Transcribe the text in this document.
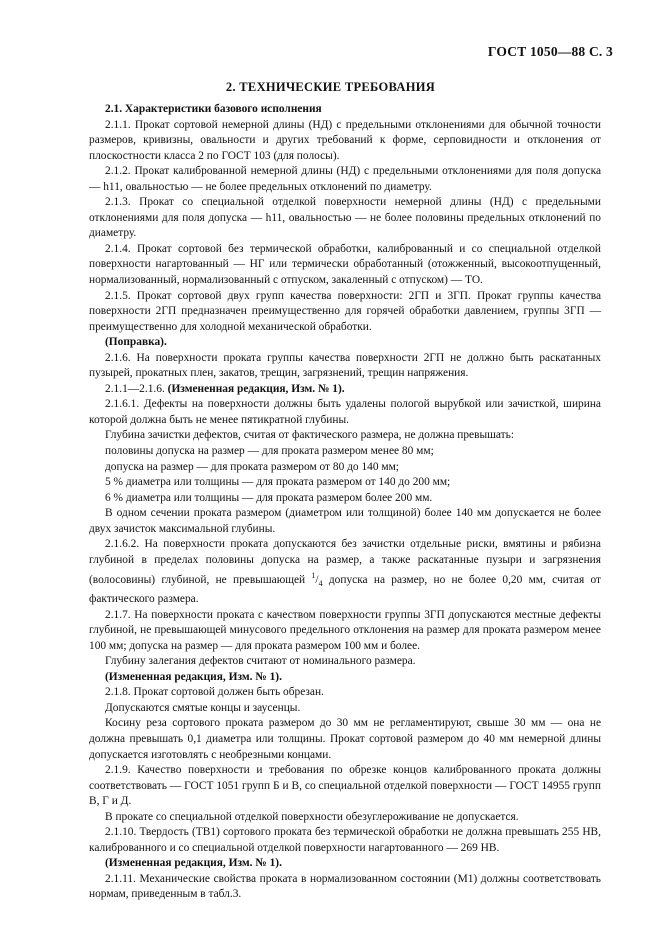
ГОСТ 1050—88 С. 3
2. ТЕХНИЧЕСКИЕ ТРЕБОВАНИЯ

2.1. Характеристики базового исполнения

2.1.1. Прокат сортовой немерной длины (НД) с предельными отклонениями для обычной точности размеров, кривизны, овальности и других требований к форме, серповидности и отклонения от плоскостности класса 2 по ГОСТ 103 (для полосы).

2.1.2. Прокат калиброванной немерной длины (НД) с предельными отклонениями для поля допуска — h11, овальностью — не более предельных отклонений по диаметру.

2.1.3. Прокат со специальной отделкой поверхности немерной длины (НД) с предельными отклонениями для поля допуска — h11, овальностью — не более половины предельных отклонений по диаметру.

2.1.4. Прокат сортовой без термической обработки, калиброванный и со специальной отделкой поверхности нагартованный — НГ или термически обработанный (отожженный, высокоотпущенный, нормализованный, нормализованный с отпуском, закаленный с отпуском) — ТО.

2.1.5. Прокат сортовой двух групп качества поверхности: 2ГП и 3ГП. Прокат группы качества поверхности 2ГП предназначен преимущественно для горячей обработки давлением, группы 3ГП — преимущественно для холодной механической обработки.

(Поправка).

2.1.6. На поверхности проката группы качества поверхности 2ГП не должно быть раскатанных пузырей, прокатных плен, закатов, трещин, загрязнений, трещин напряжения.

2.1.1—2.1.6. (Измененная редакция, Изм. № 1).

2.1.6.1. Дефекты на поверхности должны быть удалены пологой вырубкой или зачисткой, ширина которой должна быть не менее пятикратной глубины.

Глубина зачистки дефектов, считая от фактического размера, не должна превышать:

половины допуска на размер — для проката размером менее 80 мм;

допуска на размер — для проката размером от 80 до 140 мм;

5 % диаметра или толщины — для проката размером от 140 до 200 мм;

6 % диаметра или толщины — для проката размером более 200 мм.

В одном сечении проката размером (диаметром или толщиной) более 140 мм допускается не более двух зачисток максимальной глубины.

2.1.6.2. На поверхности проката допускаются без зачистки отдельные риски, вмятины и рябизна глубиной в пределах половины допуска на размер, а также раскатанные пузыри и загрязнения (волосовины) глубиной, не превышающей $^1/_4$ допуска на размер, но не более 0,20 мм, считая от фактического размера.

2.1.7. На поверхности проката с качеством поверхности группы 3ГП допускаются местные дефекты глубиной, не превышающей минусового предельного отклонения на размер для проката размером менее 100 мм; допуска на размер — для проката размером 100 мм и более.

Глубину залегания дефектов считают от номинального размера.

(Измененная редакция, Изм. № 1).

2.1.8. Прокат сортовой должен быть обрезан.

Допускаются смятые концы и заусенцы.

Косину реза сортового проката размером до 30 мм не регламентируют, свыше 30 мм — она не должна превышать 0,1 диаметра или толщины. Прокат сортовой размером до 40 мм немерной длины допускается изготовлять с необрезными концами.

2.1.9. Качество поверхности и требования по обрезке концов калиброванного проката должны соответствовать — ГОСТ 1051 групп Б и В, со специальной отделкой поверхности — ГОСТ 14955 групп В, Г и Д.

В прокате со специальной отделкой поверхности обезуглероживание не допускается.

2.1.10. Твердость (ТВ1) сортового проката без термической обработки не должна превышать 255 НВ, калиброванного и со специальной отделкой поверхности нагартованного — 269 НВ.

(Измененная редакция, Изм. № 1).

2.1.11. Механические свойства проката в нормализованном состоянии (М1) должны соответствовать нормам, приведенным в табл.3.
